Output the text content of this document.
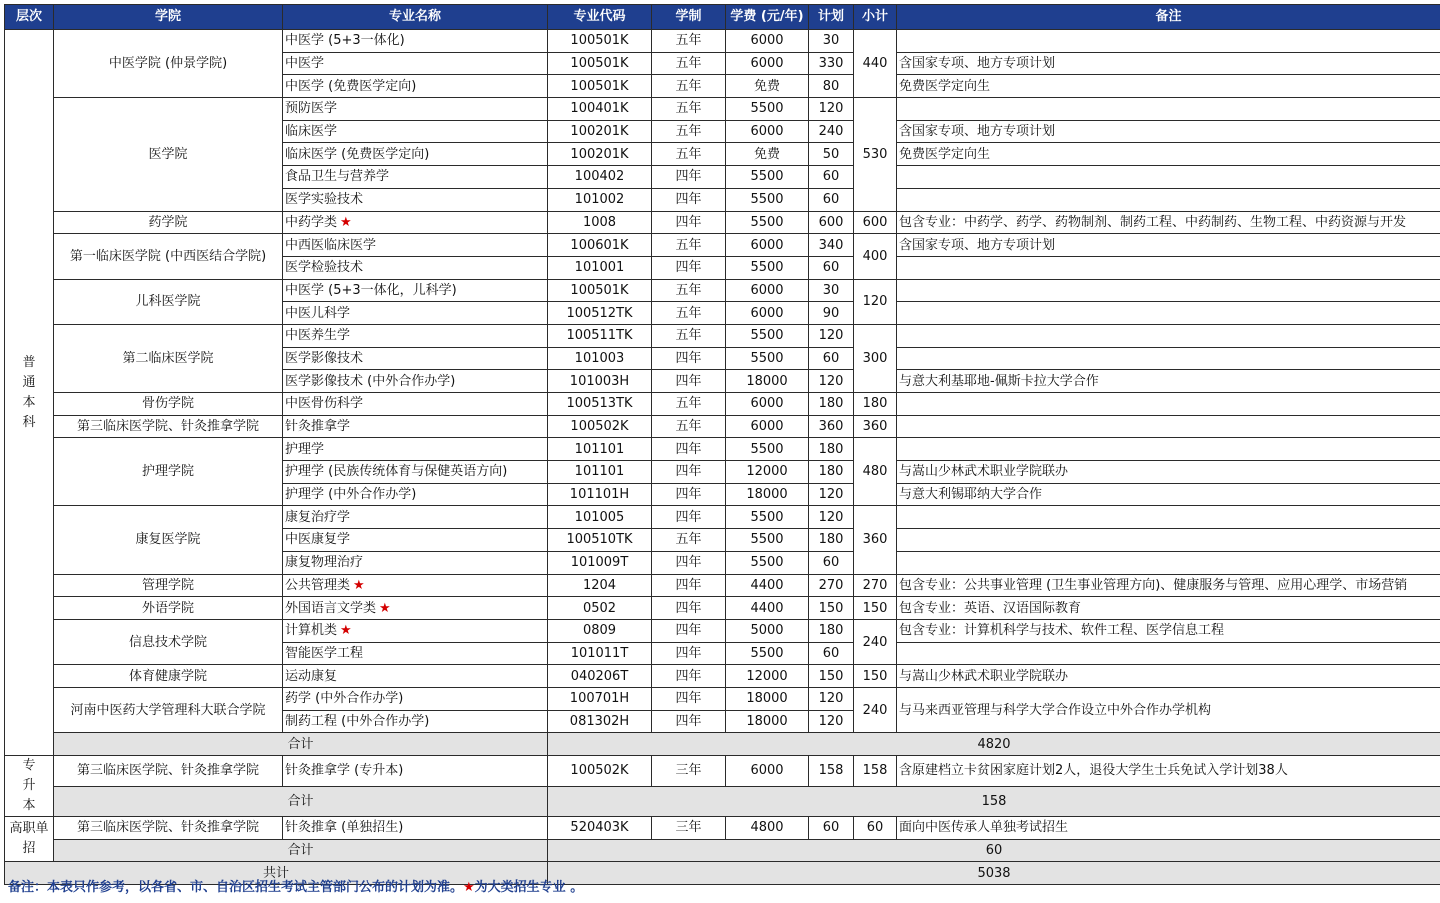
层次	学院	专业名称	专业代码	学制	学费 (元/年)	计划	小计	备注

普通本科	中医学院 (仲景学院)	中医学 (5+3一体化)	100501K	五年	6000	30	440	
		中医学	100501K	五年	6000	330		含国家专项、地方专项计划
		中医学 (免费医学定向)	100501K	五年	免费	80		免费医学定向生
	医学院	预防医学	100401K	五年	5500	120	530	
		临床医学	100201K	五年	6000	240		含国家专项、地方专项计划
		临床医学 (免费医学定向)	100201K	五年	免费	50		免费医学定向生
		食品卫生与营养学	100402	四年	5500	60		
		医学实验技术	101002	四年	5500	60		
	药学院	中药学类 ★	1008	四年	5500	600	600	包含专业：中药学、药学、药物制剂、制药工程、中药制药、生物工程、中药资源与开发
	第一临床医学院 (中西医结合学院)	中西医临床医学	100601K	五年	6000	340	400	含国家专项、地方专项计划
		医学检验技术	101001	四年	5500	60		
	儿科医学院	中医学 (5+3一体化，儿科学)	100501K	五年	6000	30	120	
		中医儿科学	100512TK	五年	6000	90		
	第二临床医学院	中医养生学	100511TK	五年	5500	120	300	
		医学影像技术	101003	四年	5500	60		
		医学影像技术 (中外合作办学)	101003H	四年	18000	120		与意大利基耶地-佩斯卡拉大学合作
	骨伤学院	中医骨伤科学	100513TK	五年	6000	180	180	
	第三临床医学院、针灸推拿学院	针灸推拿学	100502K	五年	6000	360	360	
	护理学院	护理学	101101	四年	5500	180	480	
		护理学 (民族传统体育与保健英语方向)	101101	四年	12000	180		与嵩山少林武术职业学院联办
		护理学 (中外合作办学)	101101H	四年	18000	120		与意大利锡耶纳大学合作
	康复医学院	康复治疗学	101005	四年	5500	120	360	
		中医康复学	100510TK	五年	5500	180		
		康复物理治疗	101009T	四年	5500	60		
	管理学院	公共管理类 ★	1204	四年	4400	270	270	包含专业：公共事业管理 (卫生事业管理方向)、健康服务与管理、应用心理学、市场营销
	外语学院	外国语言文学类 ★	0502	四年	4400	150	150	包含专业：英语、汉语国际教育
	信息技术学院	计算机类 ★	0809	四年	5000	180	240	包含专业：计算机科学与技术、软件工程、医学信息工程
		智能医学工程	101011T	四年	5500	60		
	体育健康学院	运动康复	040206T	四年	12000	150	150	与嵩山少林武术职业学院联办
	河南中医药大学管理科大联合学院	药学 (中外合作办学)	100701H	四年	18000	120	240	与马来西亚管理与科学大学合作设立中外合作办学机构
		制药工程 (中外合作办学)	081302H	四年	18000	120		
	合计		4820					

专升本	第三临床医学院、针灸推拿学院	针灸推拿学 (专升本)	100502K	三年	6000	158	158	含原建档立卡贫困家庭计划2人，退役大学生士兵免试入学计划38人
	合计		158					
高职单招	第三临床医学院、针灸推拿学院	针灸推拿 (单独招生)	520403K	三年	4800	60	60	面向中医传承人单独考试招生
	合计		60					
共计			5038					
备注：本表只作参考，以各省、市、自治区招生考试主管部门公布的计划为准。★为大类招生专业 。
